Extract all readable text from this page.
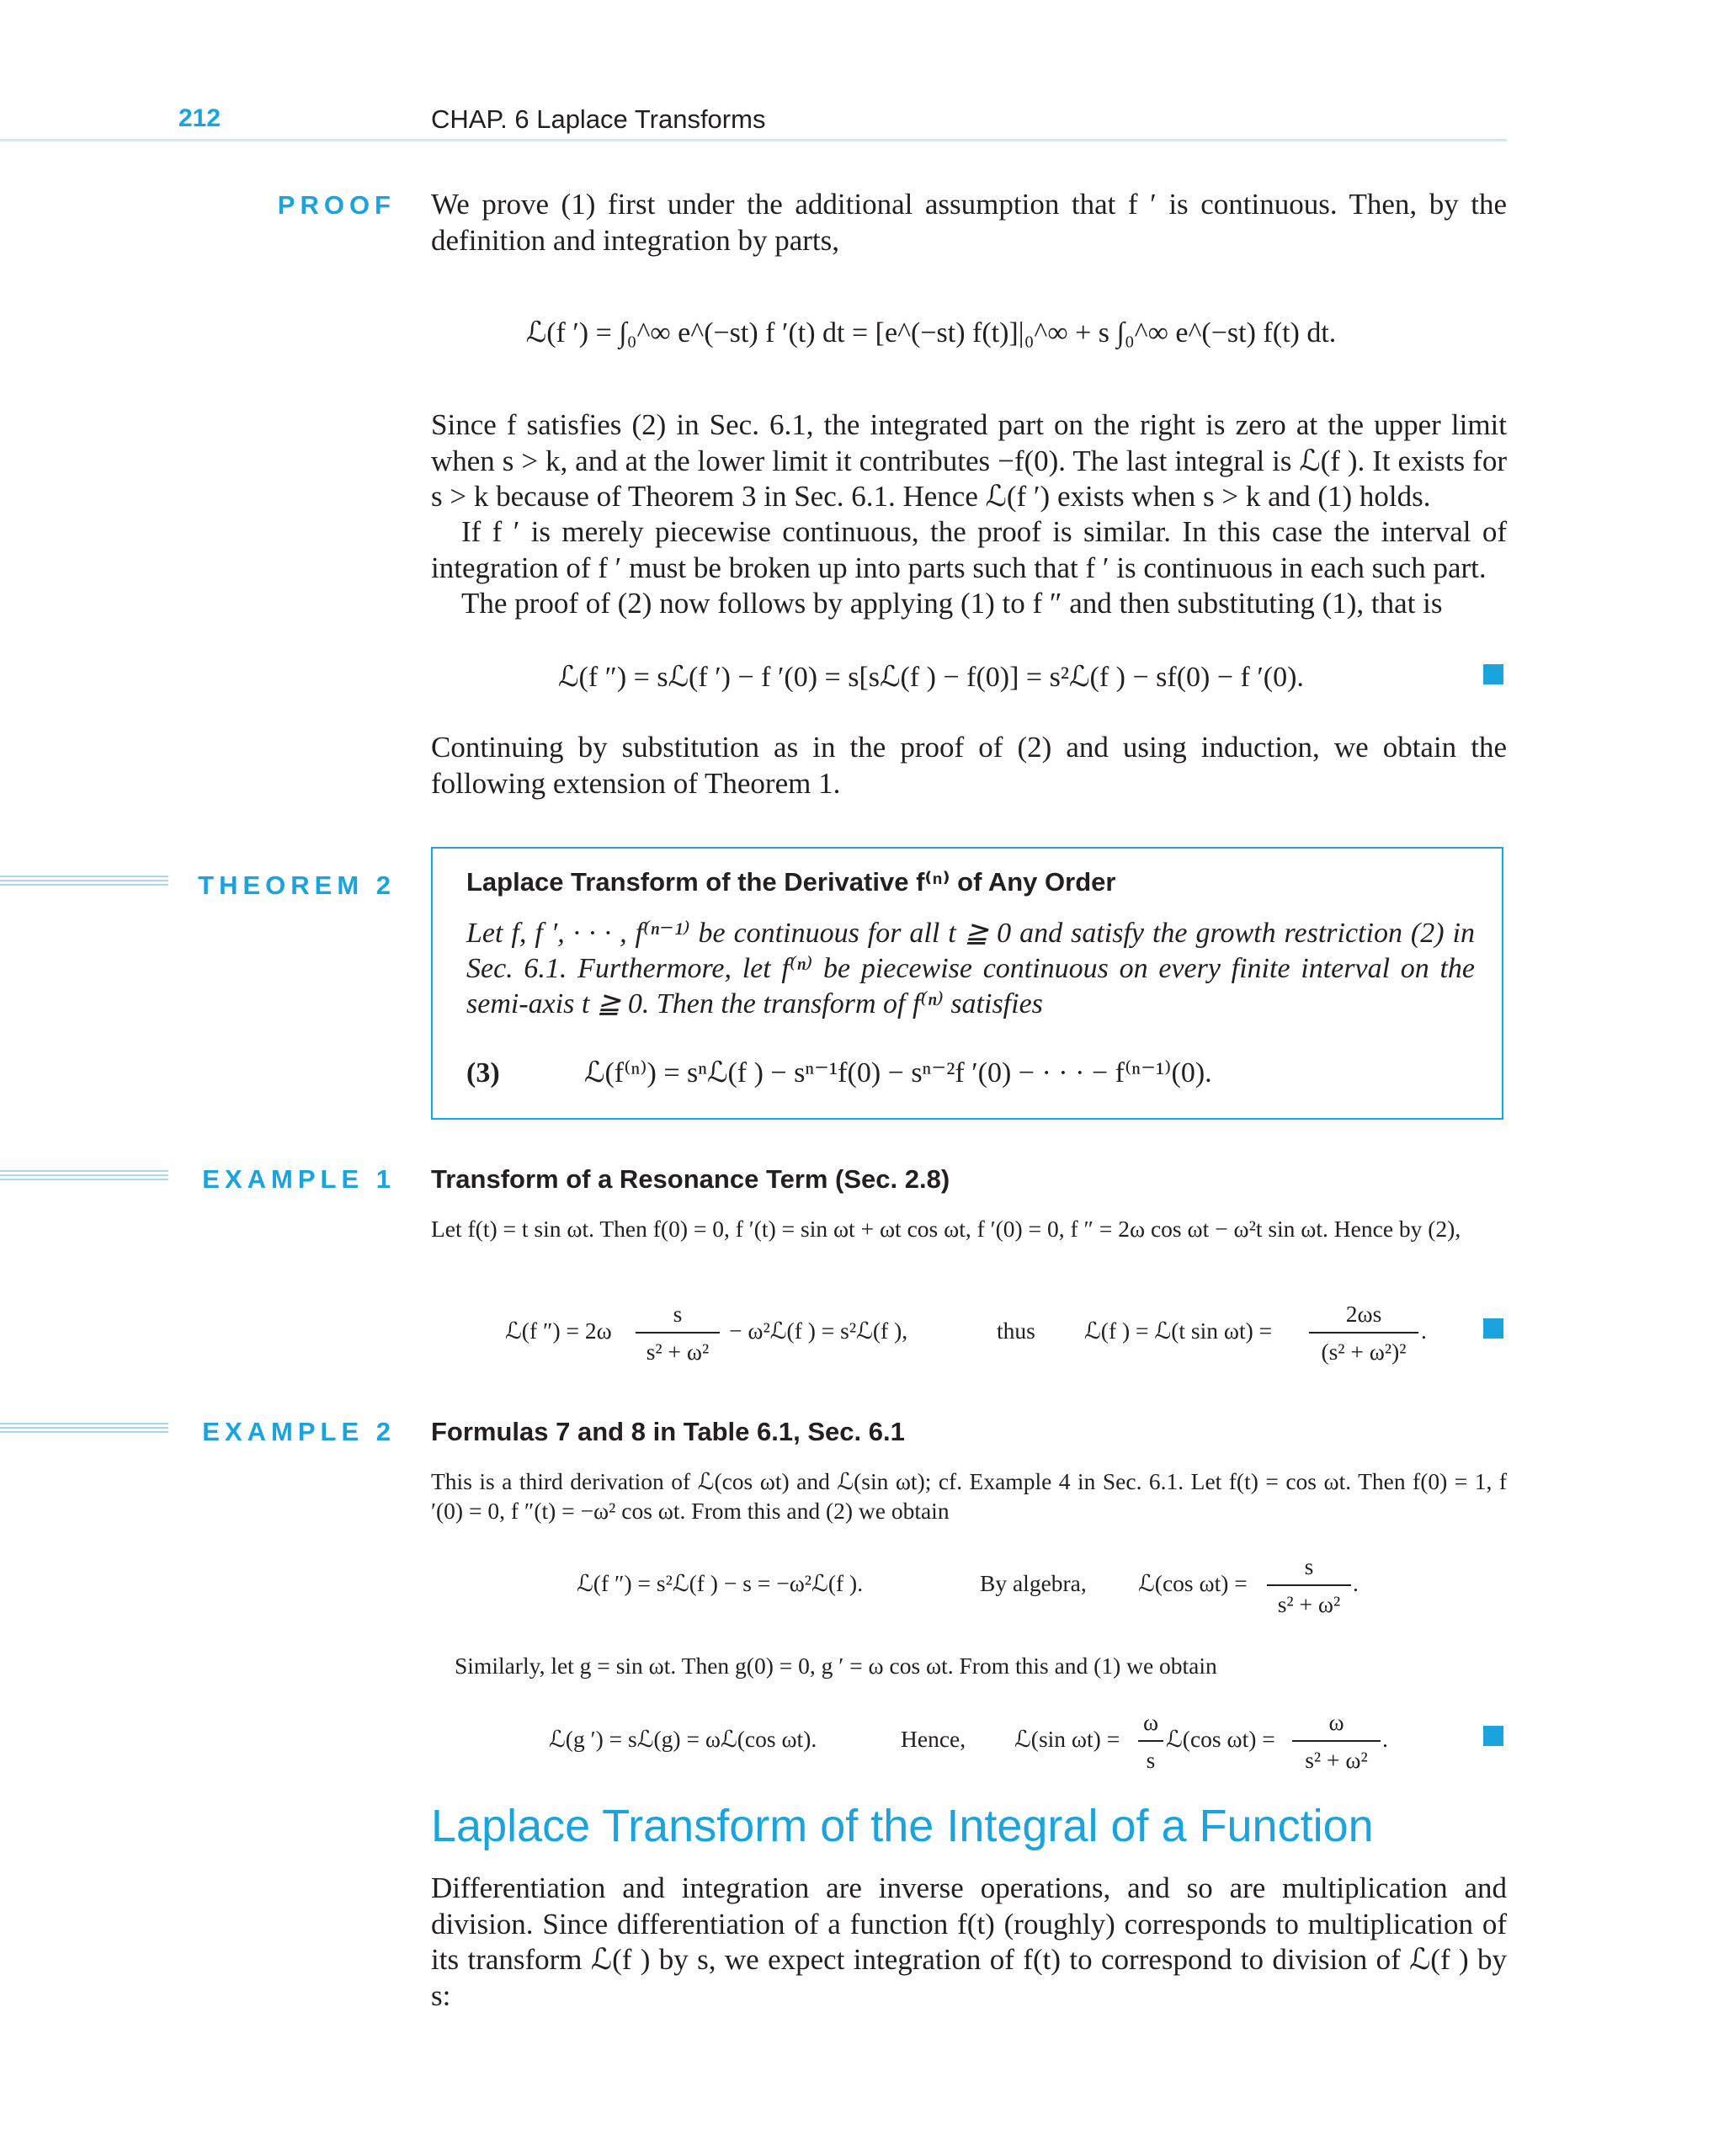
212	CHAP. 6 Laplace Transforms
PROOF We prove (1) first under the additional assumption that f ′ is continuous. Then, by the definition and integration by parts,
ℒ(f ′) = ∫₀^∞ e^(−st) f ′(t) dt = [e^(−st) f(t)]|₀^∞ + s ∫₀^∞ e^(−st) f(t) dt.
Since f satisfies (2) in Sec. 6.1, the integrated part on the right is zero at the upper limit when s > k, and at the lower limit it contributes −f(0). The last integral is ℒ(f ). It exists for s > k because of Theorem 3 in Sec. 6.1. Hence ℒ(f ′) exists when s > k and (1) holds.
If f ′ is merely piecewise continuous, the proof is similar. In this case the interval of integration of f ′ must be broken up into parts such that f ′ is continuous in each such part.
The proof of (2) now follows by applying (1) to f ″ and then substituting (1), that is
ℒ(f ″) = sℒ(f ′) − f ′(0) = s[sℒ(f ) − f(0)] = s²ℒ(f ) − sf(0) − f ′(0).
Continuing by substitution as in the proof of (2) and using induction, we obtain the following extension of Theorem 1.
THEOREM 2	Laplace Transform of the Derivative f⁽ⁿ⁾ of Any Order
Let f, f ′, · · · , f⁽ⁿ⁻¹⁾ be continuous for all t ≧ 0 and satisfy the growth restriction (2) in Sec. 6.1. Furthermore, let f⁽ⁿ⁾ be piecewise continuous on every finite interval on the semi-axis t ≧ 0. Then the transform of f⁽ⁿ⁾ satisfies
(3)	ℒ(f⁽ⁿ⁾) = sⁿℒ(f ) − sⁿ⁻¹f(0) − sⁿ⁻²f ′(0) − · · · − f⁽ⁿ⁻¹⁾(0).
EXAMPLE 1 Transform of a Resonance Term (Sec. 2.8)
Let f(t) = t sin ωt. Then f(0) = 0, f ′(t) = sin ωt + ωt cos ωt, f ′(0) = 0, f ″ = 2ω cos ωt − ω²t sin ωt. Hence by (2),
ℒ(f ″) = 2ω
s
s² + ω²
− ω²ℒ(f ) = s²ℒ(f ),	thus ℒ(f ) = ℒ(t sin ωt) =
2ωs
(s² + ω²)²
.
EXAMPLE 2 Formulas 7 and 8 in Table 6.1, Sec. 6.1
This is a third derivation of ℒ(cos ωt) and ℒ(sin ωt); cf. Example 4 in Sec. 6.1. Let f(t) = cos ωt. Then f(0) = 1, f ′(0) = 0, f ″(t) = −ω² cos ωt. From this and (2) we obtain
ℒ(f ″) = s²ℒ(f ) − s = −ω²ℒ(f ).	By algebra, ℒ(cos ωt) =
s
s² + ω²
.
Similarly, let g = sin ωt. Then g(0) = 0, g ′ = ω cos ωt. From this and (1) we obtain
ℒ(g ′) = sℒ(g) = ωℒ(cos ωt).	Hence, ℒ(sin ωt) =
ω
s
ℒ(cos ωt) =
ω
s² + ω²
.
Laplace Transform of the Integral of a Function
Differentiation and integration are inverse operations, and so are multiplication and division. Since differentiation of a function f(t) (roughly) corresponds to multiplication of its transform ℒ(f ) by s, we expect integration of f(t) to correspond to division of ℒ(f ) by s:
